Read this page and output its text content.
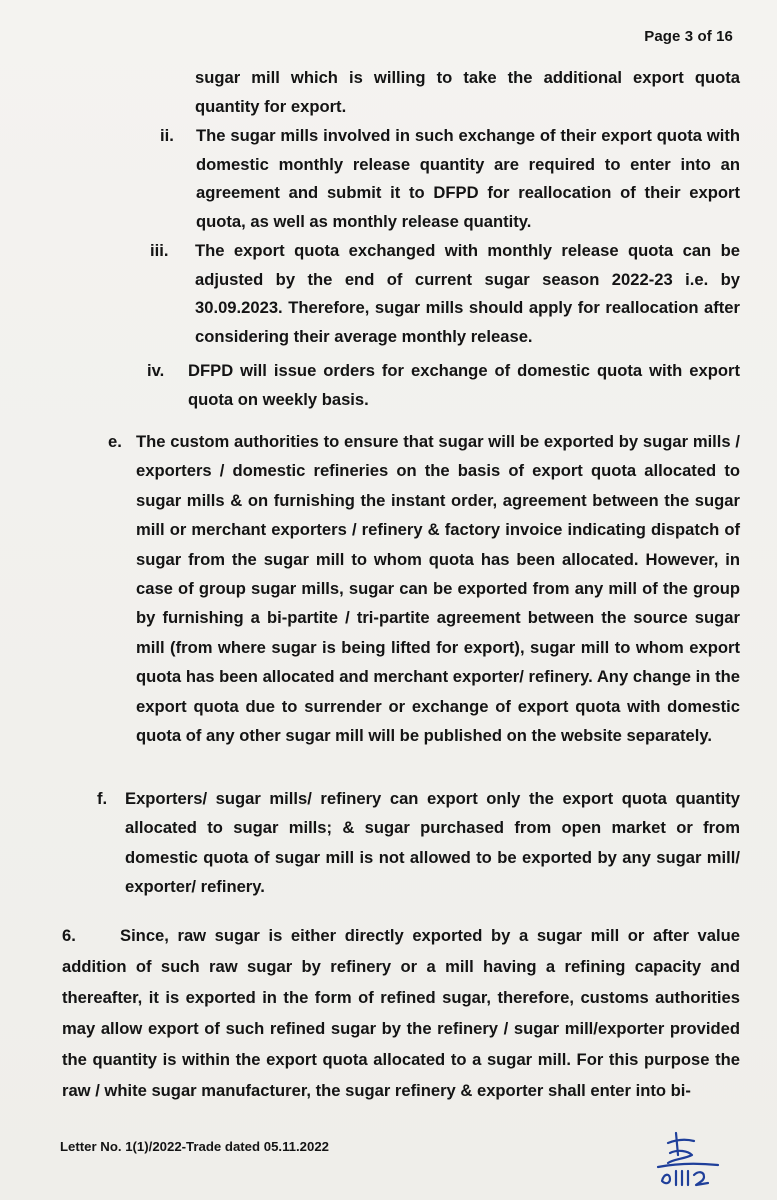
Page 3 of 16
sugar mill which is willing to take the additional export quota quantity for export.
ii.	The sugar mills involved in such exchange of their export quota with domestic monthly release quantity are required to enter into an agreement and submit it to DFPD for reallocation of their export quota, as well as monthly release quantity.
iii.	The export quota exchanged with monthly release quota can be adjusted by the end of current sugar season 2022-23 i.e. by 30.09.2023. Therefore, sugar mills should apply for reallocation after considering their average monthly release.
iv.	DFPD will issue orders for exchange of domestic quota with export quota on weekly basis.
e. The custom authorities to ensure that sugar will be exported by sugar mills / exporters / domestic refineries on the basis of export quota allocated to sugar mills & on furnishing the instant order, agreement between the sugar mill or merchant exporters / refinery & factory invoice indicating dispatch of sugar from the sugar mill to whom quota has been allocated. However, in case of group sugar mills, sugar can be exported from any mill of the group by furnishing a bi-partite / tri-partite agreement between the source sugar mill (from where sugar is being lifted for export), sugar mill to whom export quota has been allocated and merchant exporter/ refinery. Any change in the export quota due to surrender or exchange of export quota with domestic quota of any other sugar mill will be published on the website separately.
f. Exporters/ sugar mills/ refinery can export only the export quota quantity allocated to sugar mills; & sugar purchased from open market or from domestic quota of sugar mill is not allowed to be exported by any sugar mill/ exporter/ refinery.
6.	Since, raw sugar is either directly exported by a sugar mill or after value addition of such raw sugar by refinery or a mill having a refining capacity and thereafter, it is exported in the form of refined sugar, therefore, customs authorities may allow export of such refined sugar by the refinery / sugar mill/exporter provided the quantity is within the export quota allocated to a sugar mill. For this purpose the raw / white sugar manufacturer, the sugar refinery & exporter shall enter into bi-
Letter No. 1(1)/2022-Trade dated 05.11.2022
